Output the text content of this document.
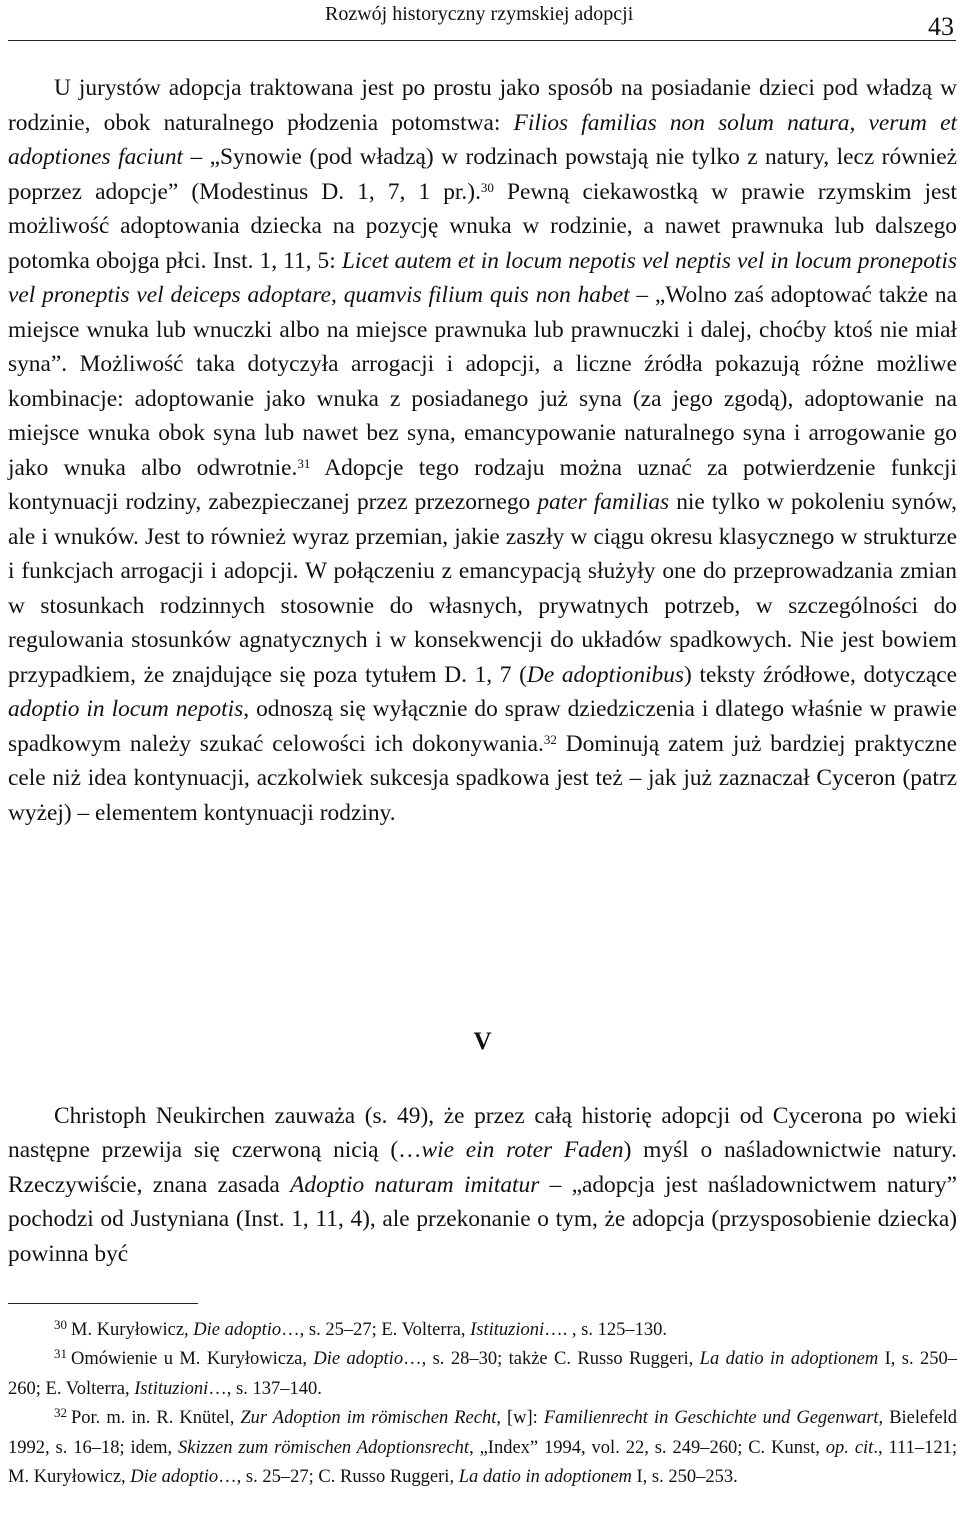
Rozwój historyczny rzymskiej adopcji	43

U jurystów adopcja traktowana jest po prostu jako sposób na posiadanie dzieci pod władzą w rodzinie, obok naturalnego płodzenia potomstwa: Filios familias non solum natura, verum et adoptiones faciunt – „Synowie (pod władzą) w rodzinach powstają nie tylko z natury, lecz również poprzez adopcje” (Modestinus D. 1, 7, 1 pr.).$^{30}$ Pewną ciekawostką w prawie rzymskim jest możliwość adoptowania dziecka na pozycję wnuka w rodzinie, a nawet prawnuka lub dalszego potomka obojga płci. Inst. 1, 11, 5: Licet autem et in locum nepotis vel neptis vel in locum pronepotis vel proneptis vel deiceps adoptare, quamvis filium quis non habet – „Wolno zaś adoptować także na miejsce wnuka lub wnuczki albo na miejsce prawnuka lub prawnuczki i dalej, choćby ktoś nie miał syna”. Możliwość taka dotyczyła arrogacji i adopcji, a liczne źródła pokazują różne możliwe kombinacje: adoptowanie jako wnuka z posiadanego już syna (za jego zgodą), adoptowanie na miejsce wnuka obok syna lub nawet bez syna, emancypowanie naturalnego syna i arrogowanie go jako wnuka albo odwrotnie.$^{31}$ Adopcje tego rodzaju można uznać za potwierdzenie funkcji kontynuacji rodziny, zabezpieczanej przez przezornego pater familias nie tylko w pokoleniu synów, ale i wnuków. Jest to również wyraz przemian, jakie zaszły w ciągu okresu klasycznego w strukturze i funkcjach arrogacji i adopcji. W połączeniu z emancypacją służyły one do przeprowadzania zmian w stosunkach rodzinnych stosownie do własnych, prywatnych potrzeb, w szczególności do regulowania stosunków agnatycznych i w konsekwencji do układów spadkowych. Nie jest bowiem przypadkiem, że znajdujące się poza tytułem D. 1, 7 (De adoptionibus) teksty źródłowe, dotyczące adoptio in locum nepotis, odnoszą się wyłącznie do spraw dziedziczenia i dlatego właśnie w prawie spadkowym należy szukać celowości ich dokonywania.$^{32}$ Dominują zatem już bardziej praktyczne cele niż idea kontynuacji, aczkolwiek sukcesja spadkowa jest też – jak już zaznaczał Cyceron (patrz wyżej) – elementem kontynuacji rodziny.

V

Christoph Neukirchen zauważa (s. 49), że przez całą historię adopcji od Cycerona po wieki następne przewija się czerwoną nicią (…wie ein roter Faden) myśl o naśladownictwie natury. Rzeczywiście, znana zasada Adoptio naturam imitatur – „adopcja jest naśladownictwem natury” pochodzi od Justyniana (Inst. 1, 11, 4), ale przekonanie o tym, że adopcja (przysposobienie dziecka) powinna być

$^{30}$ M. Kuryłowicz, Die adoptio…, s. 25–27; E. Volterra, Istituzioni…. , s. 125–130.

$^{31}$ Omówienie u M. Kuryłowicza, Die adoptio…, s. 28–30; także C. Russo Ruggeri, La datio in adoptionem I, s. 250–260; E. Volterra, Istituzioni…, s. 137–140.

$^{32}$ Por. m. in. R. Knütel, Zur Adoption im römischen Recht, [w]: Familienrecht in Geschichte und Gegenwart, Bielefeld 1992, s. 16–18; idem, Skizzen zum römischen Adoptionsrecht, „Index” 1994, vol. 22, s. 249–260; C. Kunst, op. cit., 111–121; M. Kuryłowicz, Die adoptio…, s. 25–27; C. Russo Ruggeri, La datio in adoptionem I, s. 250–253.
